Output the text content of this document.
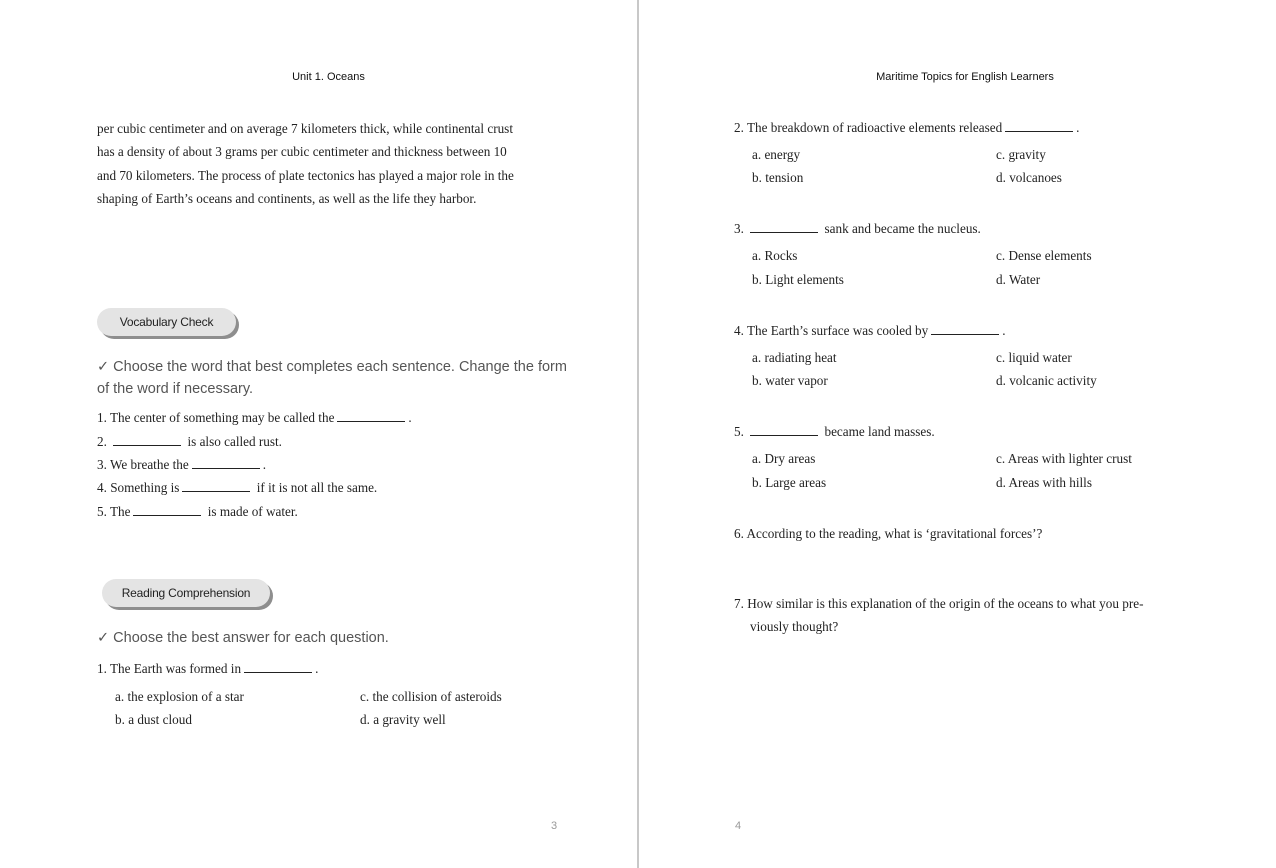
Unit 1. Oceans
per cubic centimeter and on average 7 kilometers thick, while continental crust
has a density of about 3 grams per cubic centimeter and thickness between 10
and 70 kilometers. The process of plate tectonics has played a major role in the
shaping of Earth’s oceans and continents, as well as the life they harbor.
Vocabulary Check
✓ Choose the word that best completes each sentence. Change the form of the word if necessary.
1. The center of something may be called the	.
2.	is also called rust.
3. We breathe the	.
4. Something is	if it is not all the same.
5. The	is made of water.
Reading Comprehension
✓ Choose the best answer for each question.
1. The Earth was formed in	.
a. the explosion of a star
b. a dust cloud
c. the collision of asteroids
d. a gravity well
3
Maritime Topics for English Learners
2. The breakdown of radioactive elements released	.
a. energy
b. tension
c. gravity
d. volcanoes
3.	sank and became the nucleus.
a. Rocks
b. Light elements
c. Dense elements
d. Water
4. The Earth’s surface was cooled by	.
a. radiating heat
b. water vapor
c. liquid water
d. volcanic activity
5.	became land masses.
a. Dry areas
b. Large areas
c. Areas with lighter crust
d. Areas with hills
6. According to the reading, what is ‘gravitational forces’?
7. How similar is this explanation of the origin of the oceans to what you pre-
viously thought?
4
